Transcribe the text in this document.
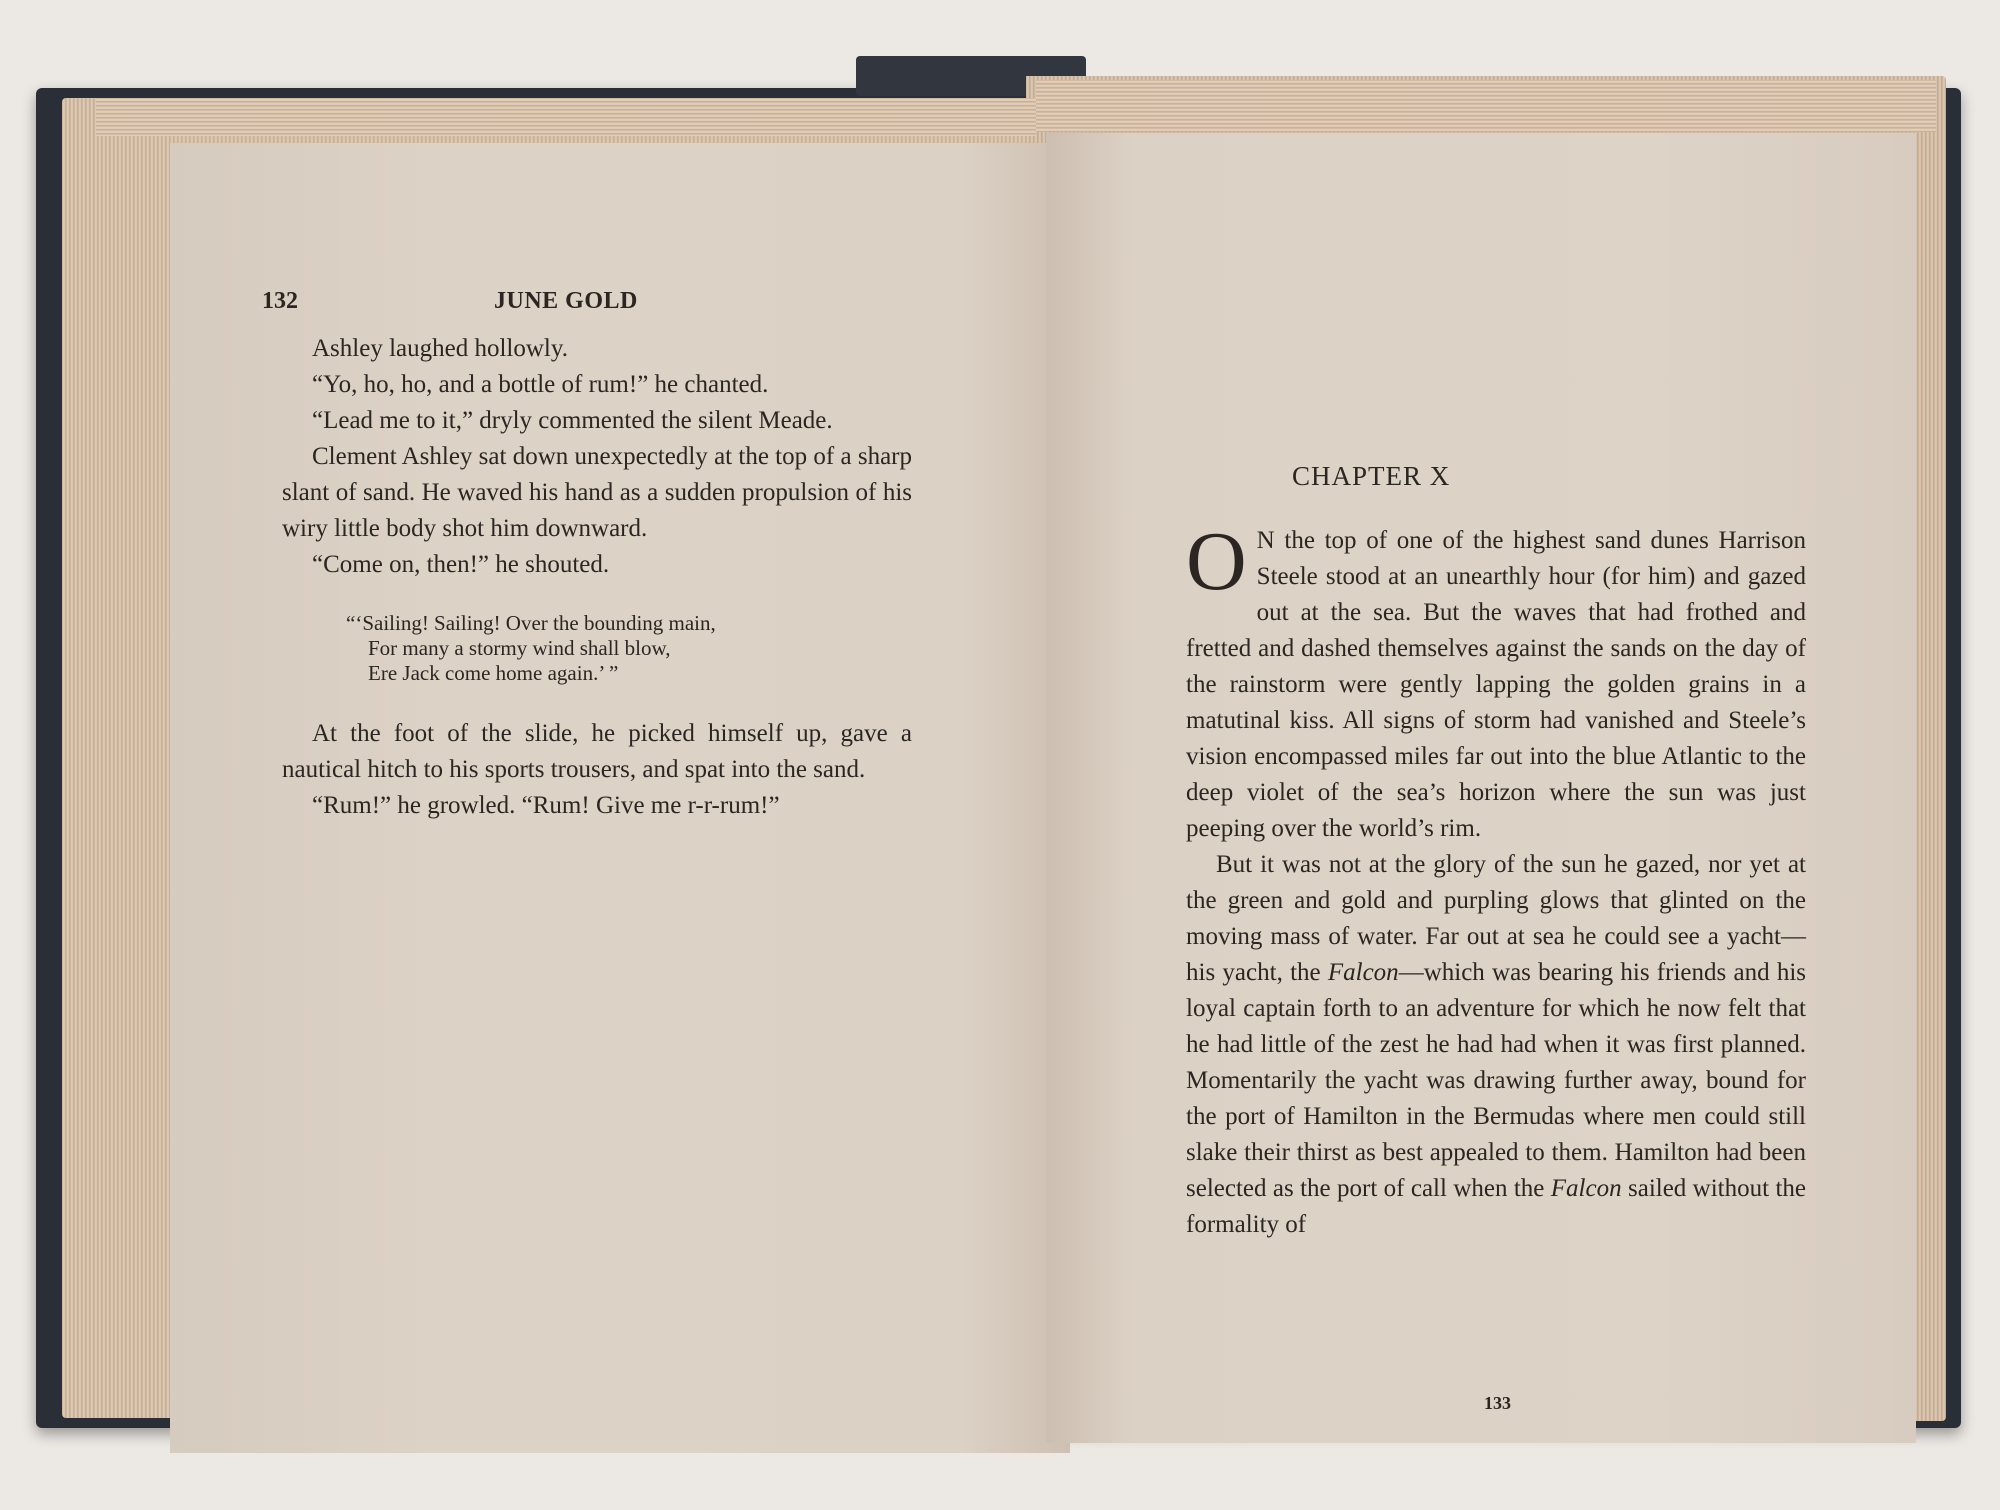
132	JUNE GOLD

Ashley laughed hollowly.

“Yo, ho, ho, and a bottle of rum!” he chanted.

“Lead me to it,” dryly commented the silent Meade.

Clement Ashley sat down unexpectedly at the top of a sharp slant of sand. He waved his hand as a sudden propulsion of his wiry little body shot him downward.

“Come on, then!” he shouted.

“‘Sailing! Sailing! Over the bounding main,
For many a stormy wind shall blow,
Ere Jack come home again.’ ”

At the foot of the slide, he picked himself up, gave a nautical hitch to his sports trousers, and spat into the sand.

“Rum!” he growled. “Rum! Give me r-r-rum!”

CHAPTER X

O N the top of one of the highest sand dunes Harrison Steele stood at an unearthly hour (for him) and gazed out at the sea. But the waves that had frothed and fretted and dashed themselves against the sands on the day of the rainstorm were gently lapping the golden grains in a matutinal kiss. All signs of storm had vanished and Steele’s vision encompassed miles far out into the blue Atlantic to the deep violet of the sea’s horizon where the sun was just peeping over the world’s rim.

But it was not at the glory of the sun he gazed, nor yet at the green and gold and purpling glows that glinted on the moving mass of water. Far out at sea he could see a yacht—his yacht, the Falcon—which was bearing his friends and his loyal captain forth to an adventure for which he now felt that he had little of the zest he had had when it was first planned. Momentarily the yacht was drawing further away, bound for the port of Hamilton in the Bermudas where men could still slake their thirst as best appealed to them. Hamilton had been selected as the port of call when the Falcon sailed without the formality of

133
